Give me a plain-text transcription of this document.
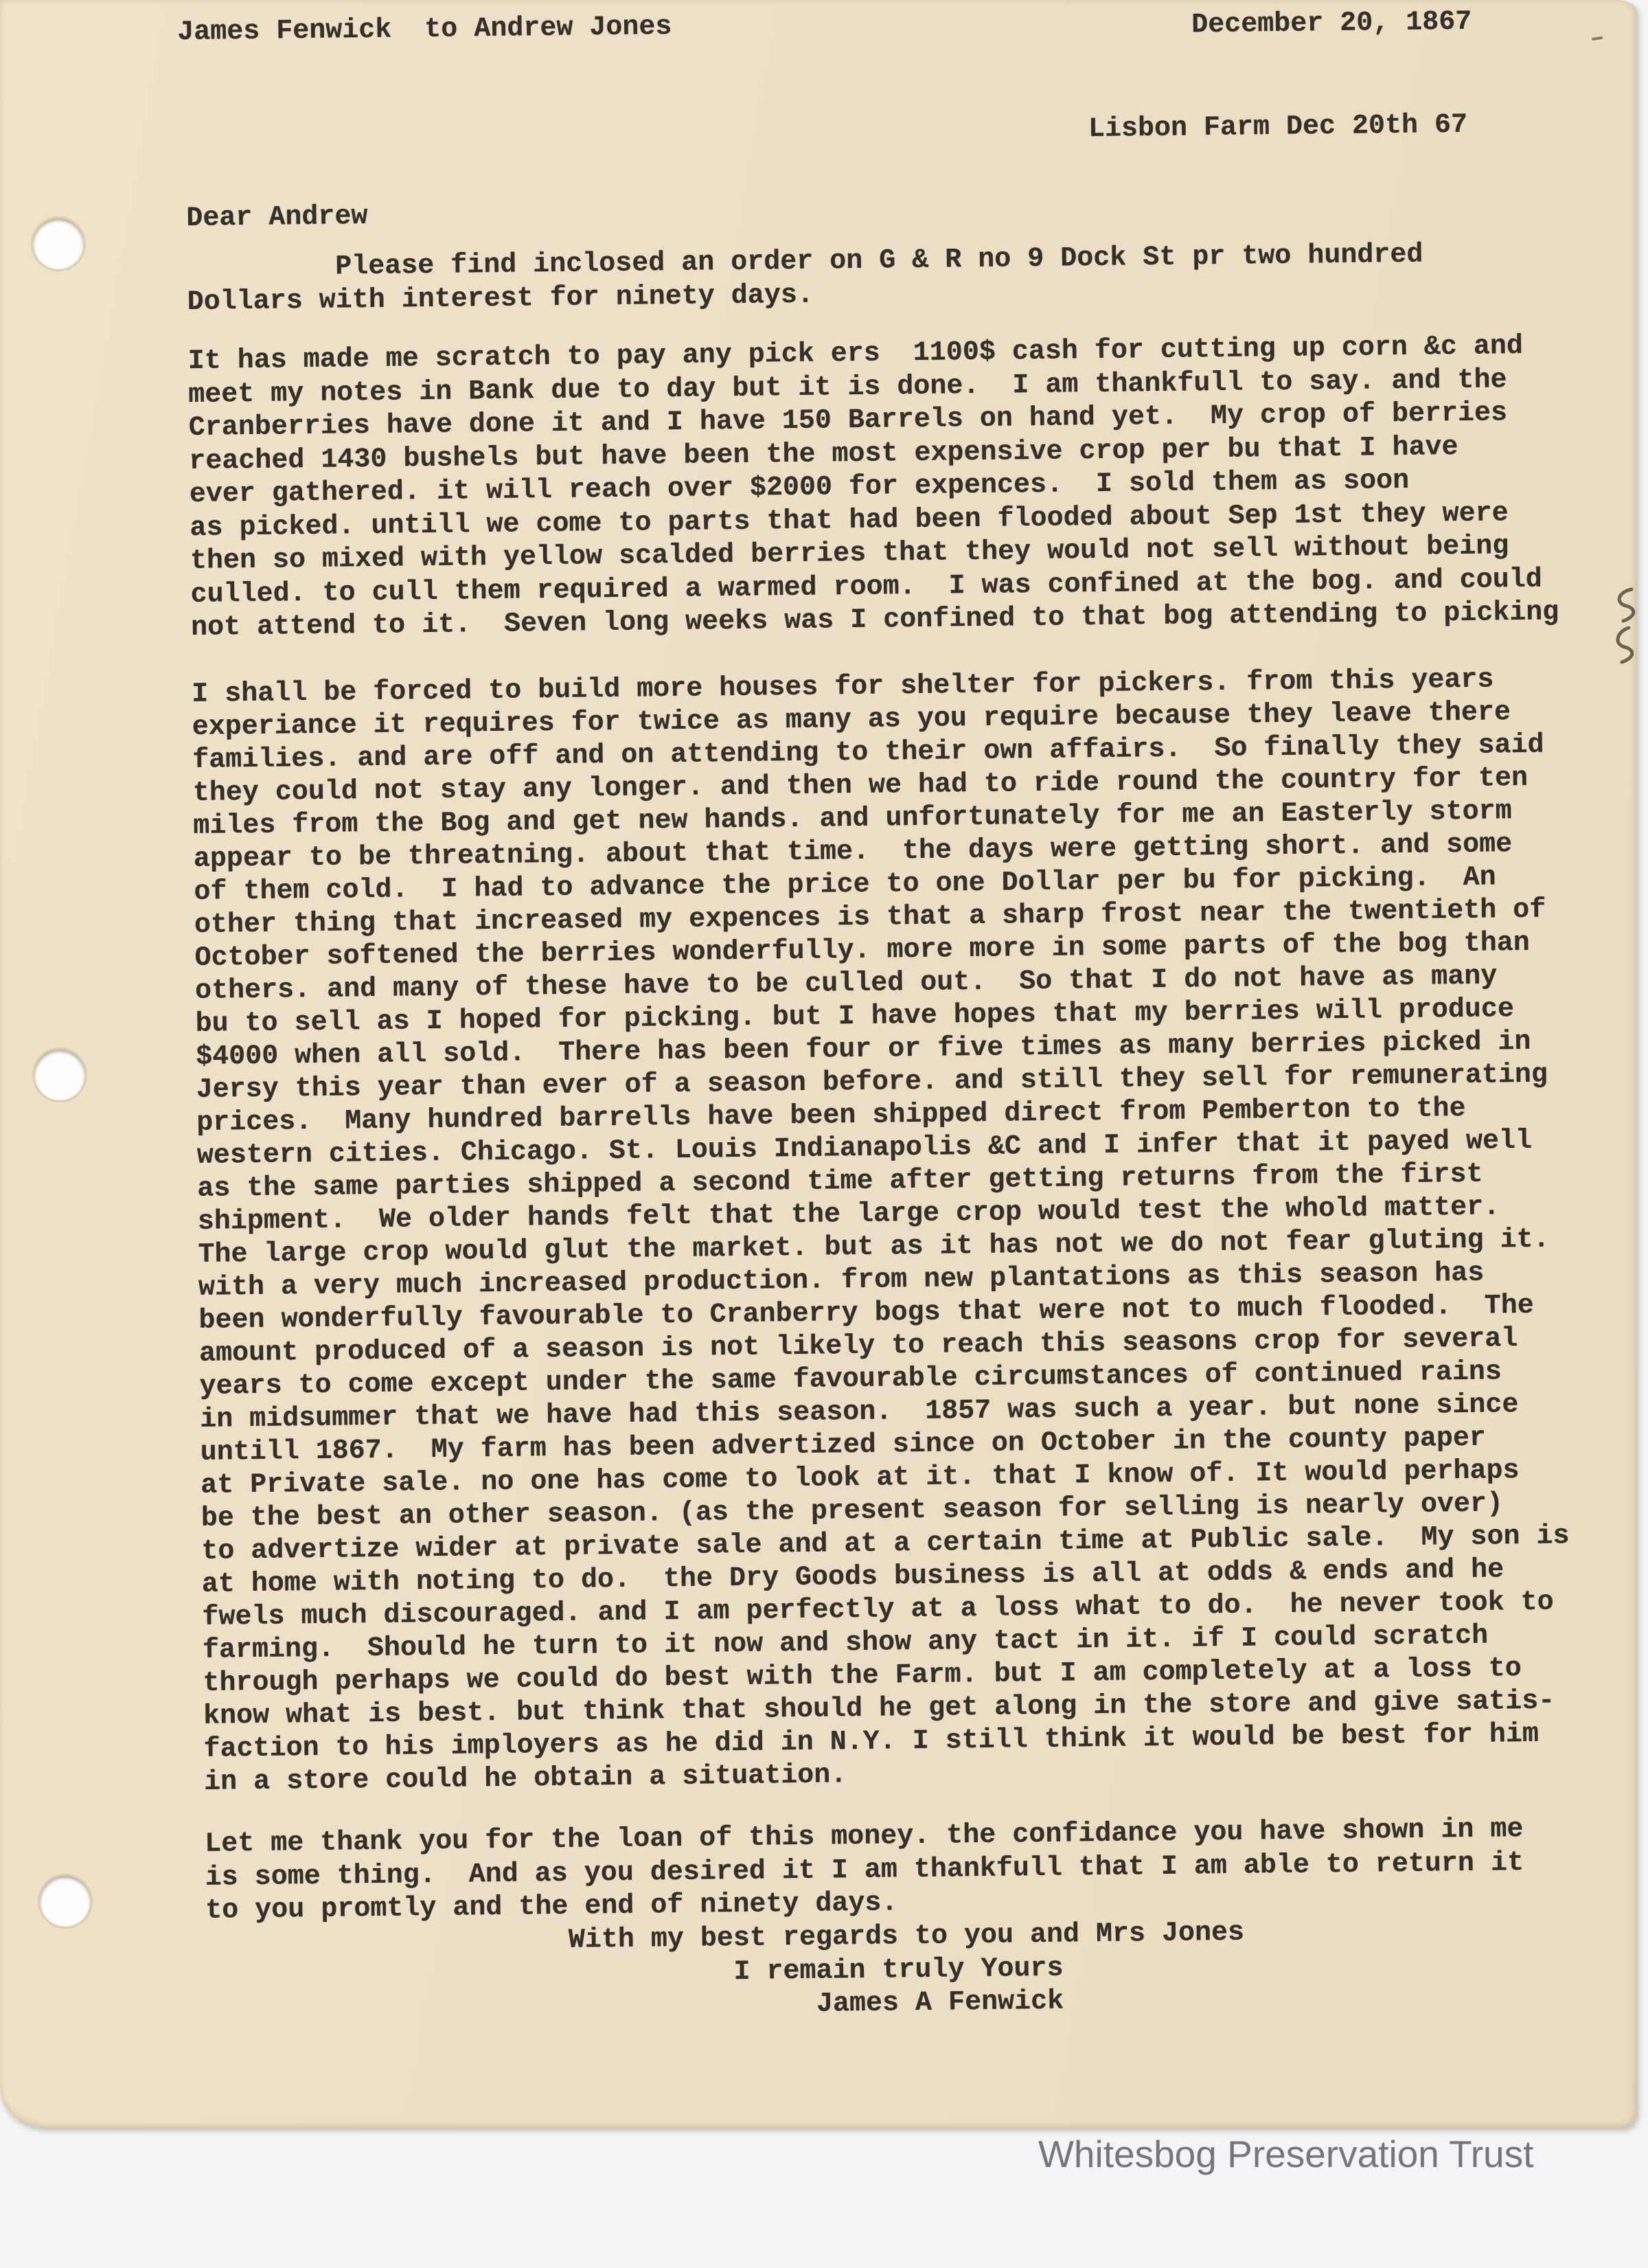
James Fenwick  to Andrew Jones	December 20, 1867
Lisbon Farm Dec 20th 67
Dear Andrew
Please find inclosed an order on G & R no 9 Dock St pr two hundred
Dollars with interest for ninety days.
It has made me scratch to pay any pick ers  1100$ cash for cutting up corn &c and
meet my notes in Bank due to day but it is done.  I am thankfull to say. and the
Cranberries have done it and I have 150 Barrels on hand yet.  My crop of berries
reached 1430 bushels but have been the most expensive crop per bu that I have
ever gathered. it will reach over $2000 for expences.  I sold them as soon
as picked. untill we come to parts that had been flooded about Sep 1st they were
then so mixed with yellow scalded berries that they would not sell without being
culled. to cull them required a warmed room.  I was confined at the bog. and could
not attend to it.  Seven long weeks was I confined to that bog attending to picking
I shall be forced to build more houses for shelter for pickers. from this years
experiance it requires for twice as many as you require because they leave there
families. and are off and on attending to their own affairs.  So finally they said
they could not stay any longer. and then we had to ride round the country for ten
miles from the Bog and get new hands. and unfortunately for me an Easterly storm
appear to be threatning. about that time.  the days were getting short. and some
of them cold.  I had to advance the price to one Dollar per bu for picking.  An
other thing that increased my expences is that a sharp frost near the twentieth of
October softened the berries wonderfully. more more in some parts of the bog than
others. and many of these have to be culled out.  So that I do not have as many
bu to sell as I hoped for picking. but I have hopes that my berries will produce
$4000 when all sold.  There has been four or five times as many berries picked in
Jersy this year than ever of a season before. and still they sell for remunerating
prices.  Many hundred barrells have been shipped direct from Pemberton to the
western cities. Chicago. St. Louis Indianapolis &C and I infer that it payed well
as the same parties shipped a second time after getting returns from the first
shipment.  We older hands felt that the large crop would test the whold matter.
The large crop would glut the market. but as it has not we do not fear gluting it.
with a very much increased production. from new plantations as this season has
been wonderfully favourable to Cranberry bogs that were not to much flooded.  The
amount produced of a season is not likely to reach this seasons crop for several
years to come except under the same favourable circumstances of continued rains
in midsummer that we have had this season.  1857 was such a year. but none since
untill 1867.  My farm has been advertized since on October in the county paper
at Private sale. no one has come to look at it. that I know of. It would perhaps
be the best an other season. (as the present season for selling is nearly over)
to advertize wider at private sale and at a certain time at Public sale.  My son is
at home with noting to do.  the Dry Goods business is all at odds & ends and he
fwels much discouraged. and I am perfectly at a loss what to do.  he never took to
farming.  Should he turn to it now and show any tact in it. if I could scratch
through perhaps we could do best with the Farm. but I am completely at a loss to
know what is best. but think that should he get along in the store and give satis-
faction to his imployers as he did in N.Y. I still think it would be best for him
in a store could he obtain a situation.
Let me thank you for the loan of this money. the confidance you have shown in me
is some thing.  And as you desired it I am thankfull that I am able to return it
to you promtly and the end of ninety days.
With my best regards to you and Mrs Jones
I remain truly Yours
James A Fenwick
Whitesbog Preservation Trust
